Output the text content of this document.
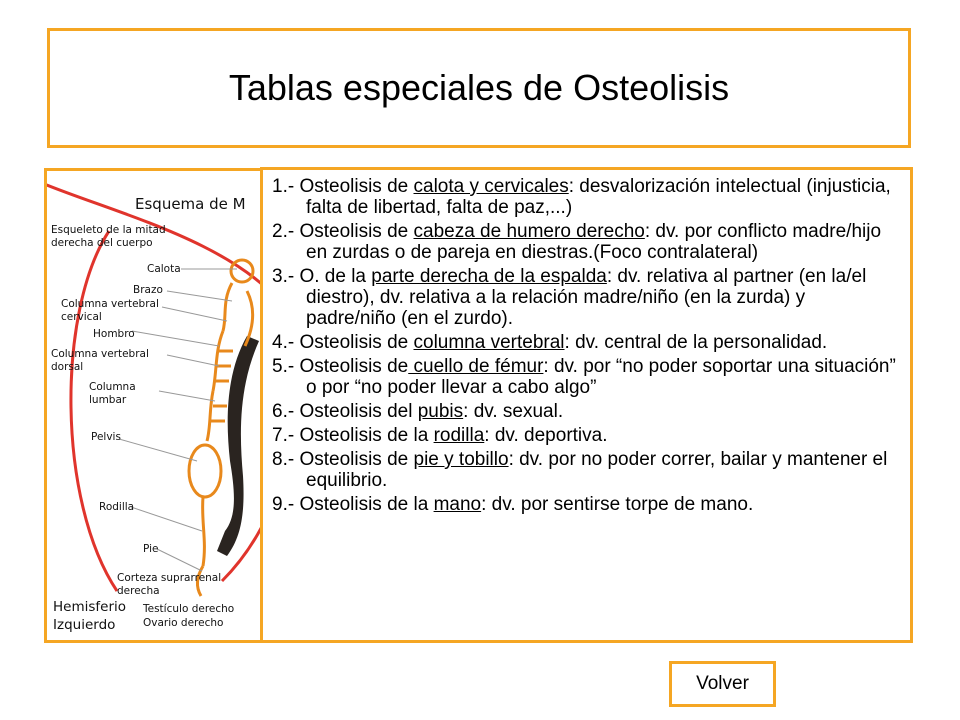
Tablas especiales de Osteolisis
Esquema de M
Esqueleto de la mitad
derecha del cuerpo
Calota
Brazo
Columna vertebral
cervical
Hombro
Columna vertebral
dorsal
Columna
lumbar
Pelvis
Rodilla
Pie
Corteza suprarrenal
derecha
Testículo derecho
Ovario derecho
Hemisferio
Izquierdo
1.- Osteolisis de calota y cervicales: desvalorización intelectual (injusticia, falta de libertad, falta de paz,...)
2.- Osteolisis de cabeza de humero derecho: dv. por conflicto madre/hijo en zurdas o de pareja en diestras.(Foco contralateral)
3.- O. de la parte derecha de la espalda: dv. relativa al partner (en la/el diestro), dv. relativa a la relación madre/niño (en la zurda) y padre/niño (en el zurdo).
4.- Osteolisis de columna vertebral: dv. central de la personalidad.
5.- Osteolisis de cuello de fémur: dv. por “no poder soportar una situación” o por “no poder llevar a cabo algo”
6.- Osteolisis del pubis: dv. sexual.
7.- Osteolisis de la rodilla: dv. deportiva.
8.- Osteolisis de pie y tobillo: dv. por no poder correr, bailar y mantener el equilibrio.
9.- Osteolisis de la mano: dv. por sentirse torpe de mano.
Volver
